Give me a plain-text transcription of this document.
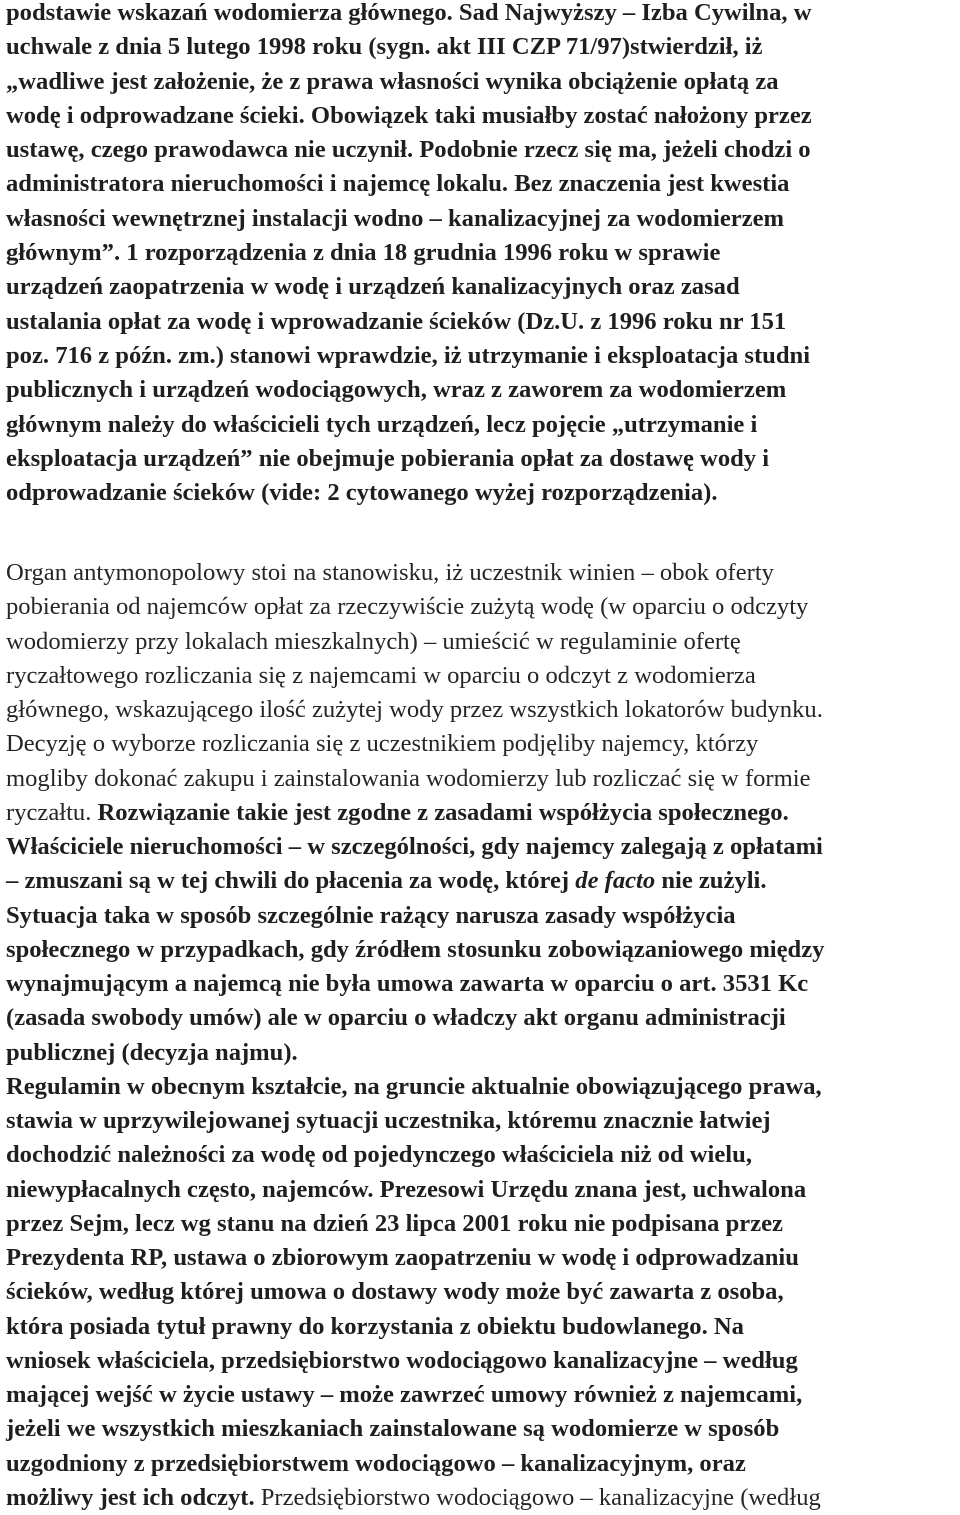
podstawie wskazań wodomierza głównego. Sad Najwyższy – Izba Cywilna, w
uchwale z dnia 5 lutego 1998 roku (sygn. akt III CZP 71/97)stwierdził, iż
„wadliwe jest założenie, że z prawa własności wynika obciążenie opłatą za
wodę i odprowadzane ścieki. Obowiązek taki musiałby zostać nałożony przez
ustawę, czego prawodawca nie uczynił. Podobnie rzecz się ma, jeżeli chodzi o
administratora nieruchomości i najemcę lokalu. Bez znaczenia jest kwestia
własności wewnętrznej instalacji wodno – kanalizacyjnej za wodomierzem
głównym”. 1 rozporządzenia z dnia 18 grudnia 1996 roku w sprawie
urządzeń zaopatrzenia w wodę i urządzeń kanalizacyjnych oraz zasad
ustalania opłat za wodę i wprowadzanie ścieków (Dz.U. z 1996 roku nr 151
poz. 716 z późn. zm.) stanowi wprawdzie, iż utrzymanie i eksploatacja studni
publicznych i urządzeń wodociągowych, wraz z zaworem za wodomierzem
głównym należy do właścicieli tych urządzeń, lecz pojęcie „utrzymanie i
eksploatacja urządzeń” nie obejmuje pobierania opłat za dostawę wody i
odprowadzanie ścieków (vide: 2 cytowanego wyżej rozporządzenia).

Organ antymonopolowy stoi na stanowisku, iż uczestnik winien – obok oferty
pobierania od najemców opłat za rzeczywiście zużytą wodę (w oparciu o odczyty
wodomierzy przy lokalach mieszkalnych) – umieścić w regulaminie ofertę
ryczałtowego rozliczania się z najemcami w oparciu o odczyt z wodomierza
głównego, wskazującego ilość zużytej wody przez wszystkich lokatorów budynku.
Decyzję o wyborze rozliczania się z uczestnikiem podjęliby najemcy, którzy
mogliby dokonać zakupu i zainstalowania wodomierzy lub rozliczać się w formie
ryczałtu. Rozwiązanie takie jest zgodne z zasadami współżycia społecznego.
Właściciele nieruchomości – w szczególności, gdy najemcy zalegają z opłatami
– zmuszani są w tej chwili do płacenia za wodę, której de facto nie zużyli.
Sytuacja taka w sposób szczególnie rażący narusza zasady współżycia
społecznego w przypadkach, gdy źródłem stosunku zobowiązaniowego między
wynajmującym a najemcą nie była umowa zawarta w oparciu o art. 3531 Kc
(zasada swobody umów) ale w oparciu o władczy akt organu administracji
publicznej (decyzja najmu).
Regulamin w obecnym kształcie, na gruncie aktualnie obowiązującego prawa,
stawia w uprzywilejowanej sytuacji uczestnika, któremu znacznie łatwiej
dochodzić należności za wodę od pojedynczego właściciela niż od wielu,
niewypłacalnych często, najemców. Prezesowi Urzędu znana jest, uchwalona
przez Sejm, lecz wg stanu na dzień 23 lipca 2001 roku nie podpisana przez
Prezydenta RP, ustawa o zbiorowym zaopatrzeniu w wodę i odprowadzaniu
ścieków, według której umowa o dostawy wody może być zawarta z osoba,
która posiada tytuł prawny do korzystania z obiektu budowlanego. Na
wniosek właściciela, przedsiębiorstwo wodociągowo kanalizacyjne – według
mającej wejść w życie ustawy – może zawrzeć umowy również z najemcami,
jeżeli we wszystkich mieszkaniach zainstalowane są wodomierze w sposób
uzgodniony z przedsiębiorstwem wodociągowo – kanalizacyjnym, oraz
możliwy jest ich odczyt. Przedsiębiorstwo wodociągowo – kanalizacyjne (według
